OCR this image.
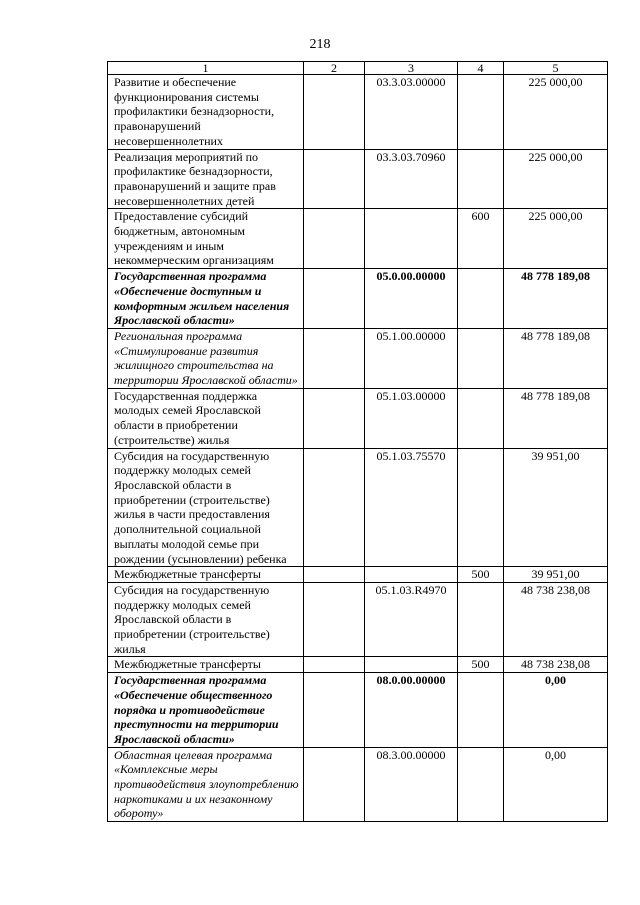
218
1	2	3	4	5
Развитие и обеспечение функционирования системы профилактики безнадзорности, правонарушений несовершеннолетних		03.3.03.00000		225 000,00
Реализация мероприятий по профилактике безнадзорности, правонарушений и защите прав несовершеннолетних детей		03.3.03.70960		225 000,00
Предоставление субсидий бюджетным, автономным учреждениям и иным некоммерческим организациям			600	225 000,00
Государственная программа «Обеспечение доступным и комфортным жильем населения Ярославской области»		05.0.00.00000		48 778 189,08
Региональная программа «Стимулирование развития жилищного строительства на территории Ярославской области»		05.1.00.00000		48 778 189,08
Государственная поддержка молодых семей Ярославской области в приобретении (строительстве) жилья		05.1.03.00000		48 778 189,08
Субсидия на государственную поддержку молодых семей Ярославской области в приобретении (строительстве) жилья в части предоставления дополнительной социальной выплаты молодой семье при рождении (усыновлении) ребенка		05.1.03.75570		39 951,00
Межбюджетные трансферты			500	39 951,00
Субсидия на государственную поддержку молодых семей Ярославской области в приобретении (строительстве) жилья		05.1.03.R4970		48 738 238,08
Межбюджетные трансферты			500	48 738 238,08
Государственная программа «Обеспечение общественного порядка и противодействие преступности на территории Ярославской области»		08.0.00.00000		0,00
Областная целевая программа «Комплексные меры противодействия злоупотреблению наркотиками и их незаконному обороту»		08.3.00.00000		0,00
